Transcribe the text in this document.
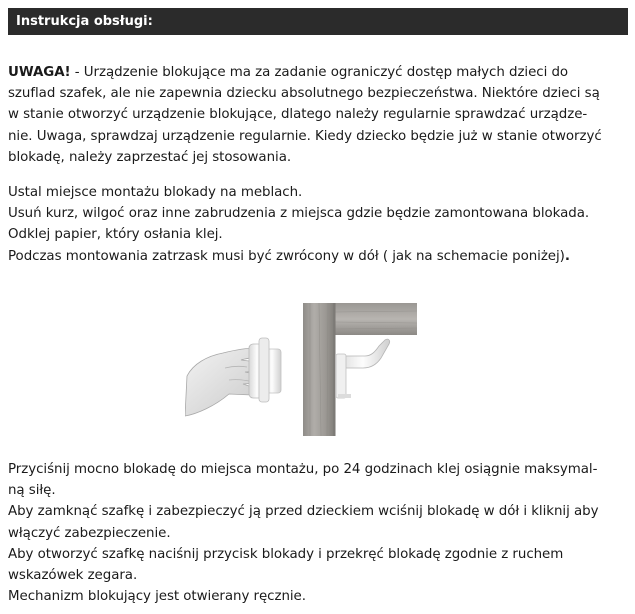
Instrukcja obsługi:
UWAGA! - Urządzenie blokujące ma za zadanie ograniczyć dostęp małych dzieci do
szuflad szafek, ale nie zapewnia dziecku absolutnego bezpieczeństwa. Niektóre dzieci są
w stanie otworzyć urządzenie blokujące, dlatego należy regularnie sprawdzać urządze-
nie. Uwaga, sprawdzaj urządzenie regularnie. Kiedy dziecko będzie już w stanie otworzyć
blokadę, należy zaprzestać jej stosowania.
Ustal miejsce montażu blokady na meblach.
Usuń kurz, wilgoć oraz inne zabrudzenia z miejsca gdzie będzie zamontowana blokada.
Odklej papier, który osłania klej.
Podczas montowania zatrzask musi być zwrócony w dół ( jak na schemacie poniżej).
Przyciśnij mocno blokadę do miejsca montażu, po 24 godzinach klej osiągnie maksymal-
ną siłę.
Aby zamknąć szafkę i zabezpieczyć ją przed dzieckiem wciśnij blokadę w dół i kliknij aby
włączyć zabezpieczenie.
Aby otworzyć szafkę naciśnij przycisk blokady i przekręć blokadę zgodnie z ruchem
wskazówek zegara.
Mechanizm blokujący jest otwierany ręcznie.
